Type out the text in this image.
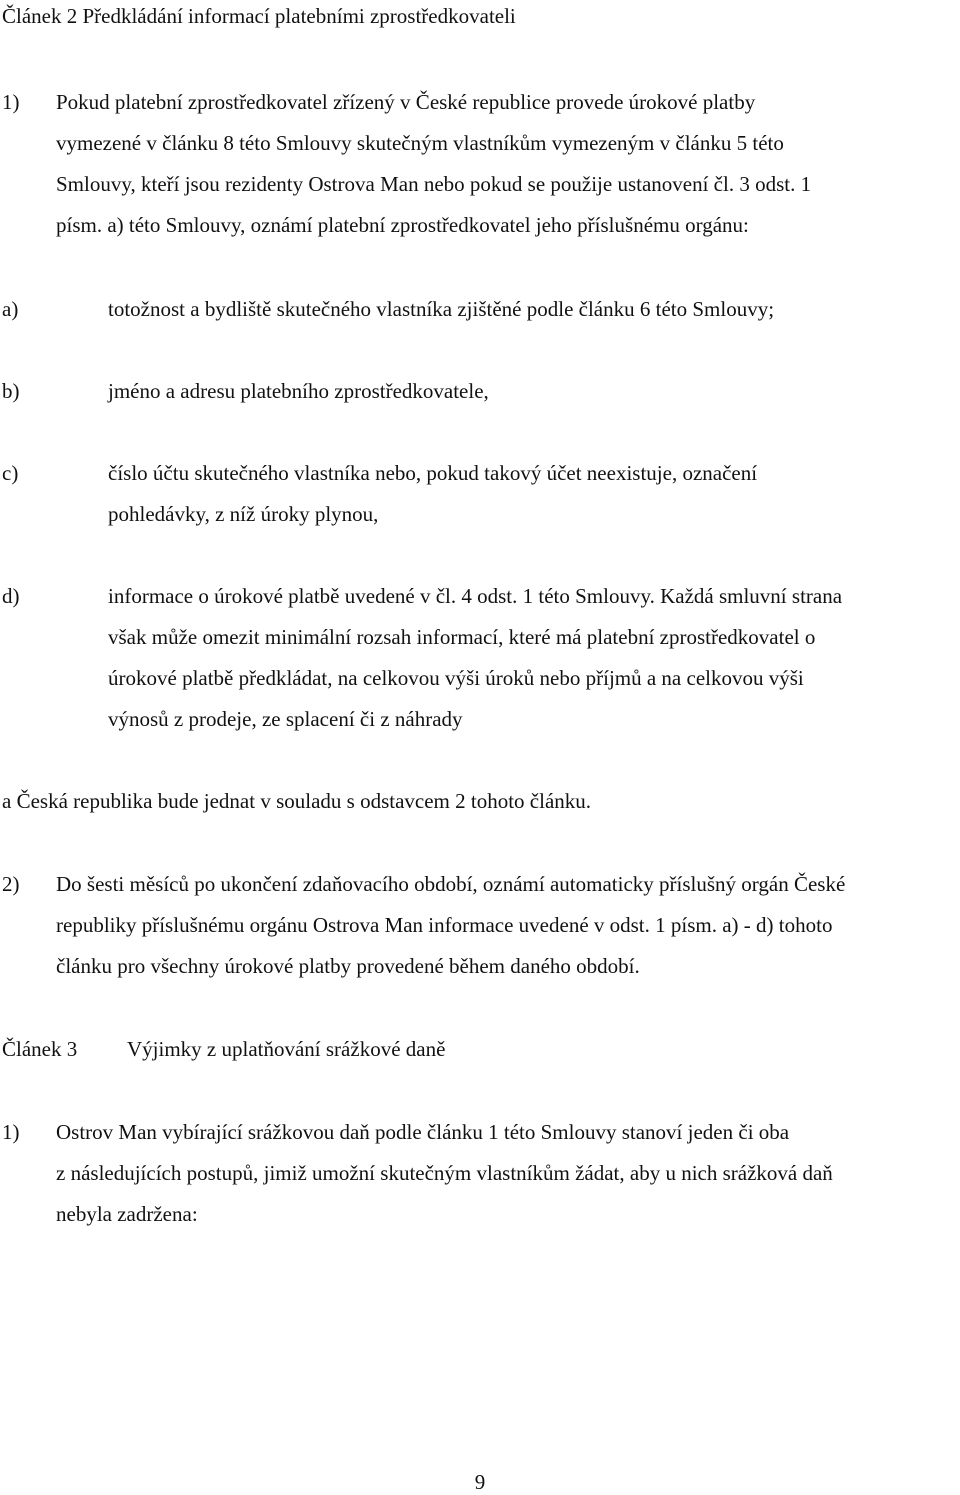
Článek 2 Předkládání informací platebními zprostředkovateli
1) Pokud platební zprostředkovatel zřízený v České republice provede úrokové platby
vymezené v článku 8 této Smlouvy skutečným vlastníkům vymezeným v článku 5 této
Smlouvy, kteří jsou rezidenty Ostrova Man nebo pokud se použije ustanovení čl. 3 odst. 1
písm. a) této Smlouvy, oznámí platební zprostředkovatel jeho příslušnému orgánu:
a)	totožnost a bydliště skutečného vlastníka zjištěné podle článku 6 této Smlouvy;
b)	jméno a adresu platebního zprostředkovatele,
c)	číslo účtu skutečného vlastníka nebo, pokud takový účet neexistuje, označení
pohledávky, z níž úroky plynou,
d)	informace o úrokové platbě uvedené v čl. 4 odst. 1 této Smlouvy. Každá smluvní strana
však může omezit minimální rozsah informací, které má platební zprostředkovatel o
úrokové platbě předkládat, na celkovou výši úroků nebo příjmů a na celkovou výši
výnosů z prodeje, ze splacení či z náhrady
a Česká republika bude jednat v souladu s odstavcem 2 tohoto článku.
2) Do šesti měsíců po ukončení zdaňovacího období, oznámí automaticky příslušný orgán České
republiky příslušnému orgánu Ostrova Man informace uvedené v odst. 1 písm. a) - d) tohoto
článku pro všechny úrokové platby provedené během daného období.
Článek 3 Výjimky z uplatňování srážkové daně
1) Ostrov Man vybírající srážkovou daň podle článku 1 této Smlouvy stanoví jeden či oba
z následujících postupů, jimiž umožní skutečným vlastníkům žádat, aby u nich srážková daň
nebyla zadržena:
9
